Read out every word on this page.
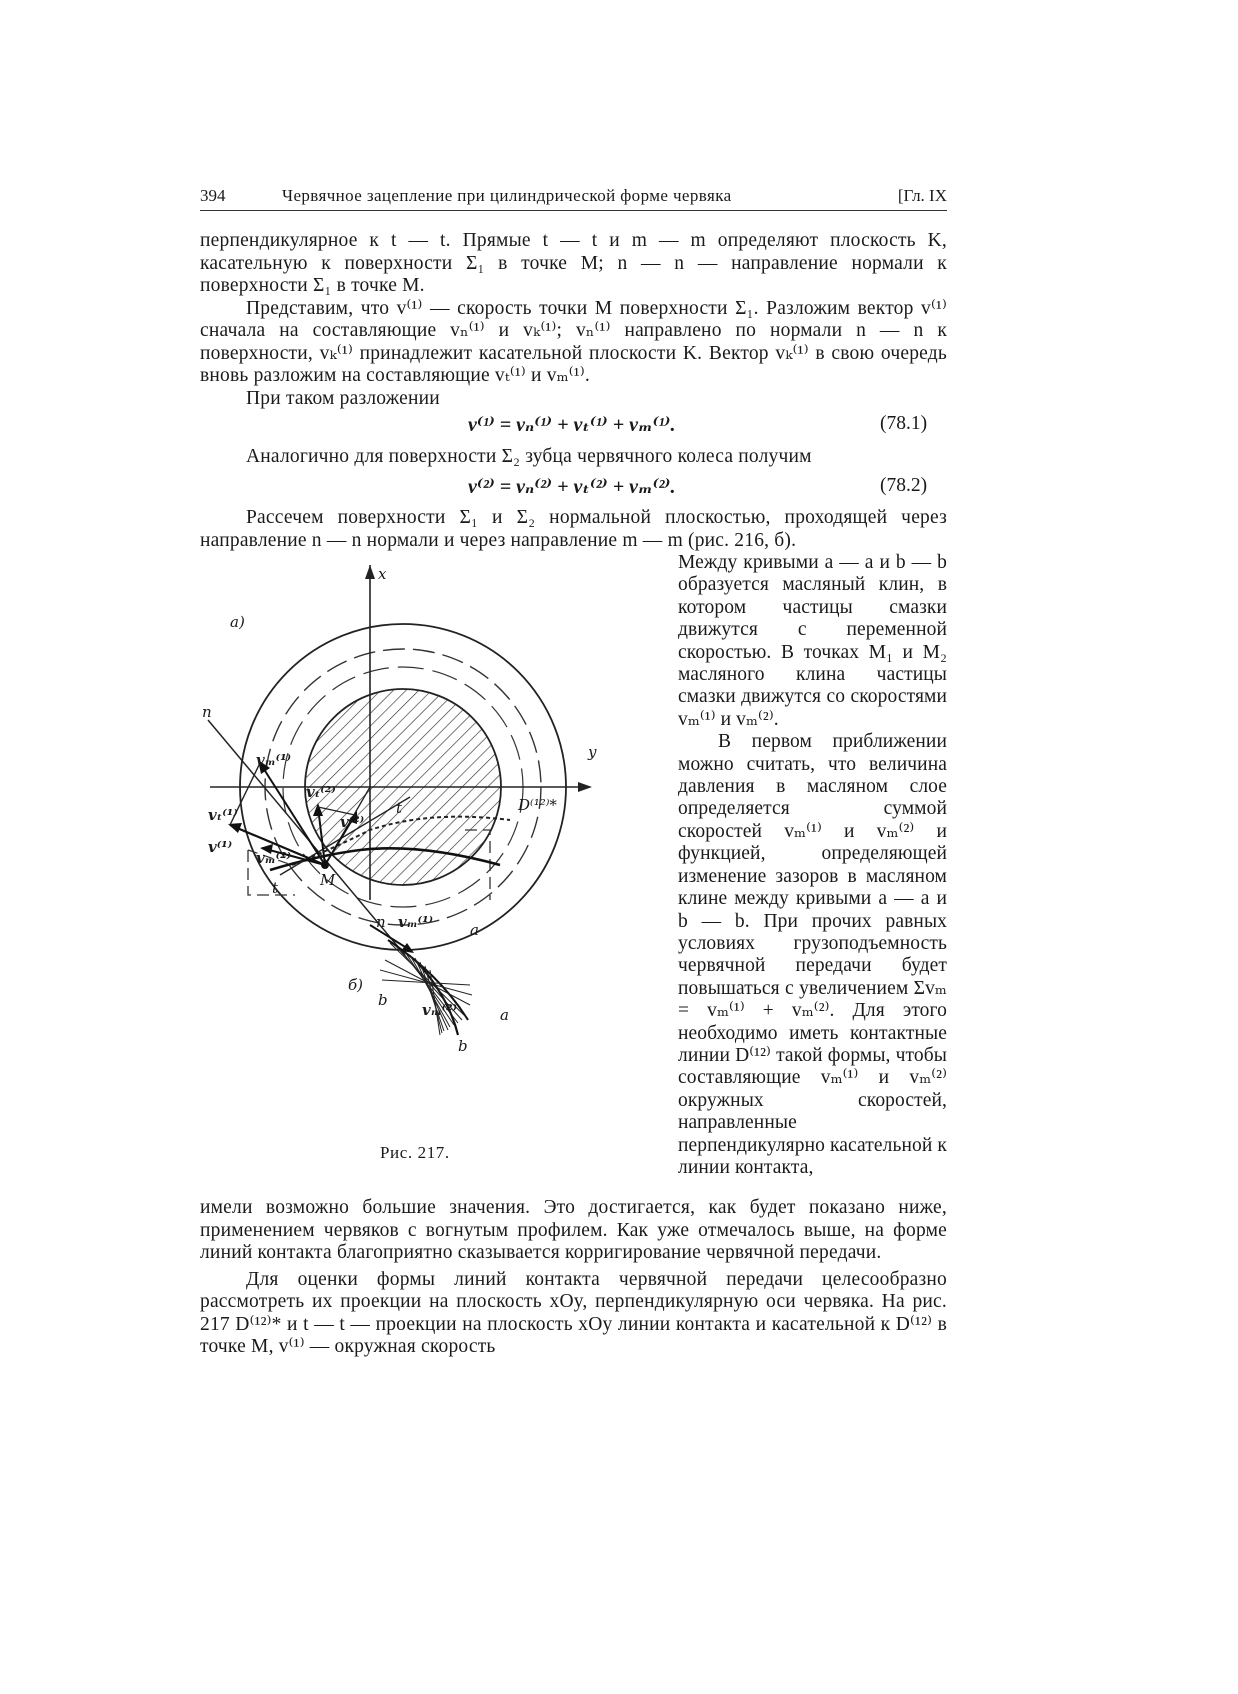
394	Червячное зацепление при цилиндрической форме червяка	[Гл. IX

перпендикулярное к t — t. Прямые t — t и m — m определяют плоскость K, касательную к поверхности Σ₁ в точке M; n — n — направление нормали к поверхности Σ₁ в точке M.

Представим, что v⁽¹⁾ — скорость точки M поверхности Σ₁. Разложим вектор v⁽¹⁾ сначала на составляющие vₙ⁽¹⁾ и vₖ⁽¹⁾; vₙ⁽¹⁾ направлено по нормали n — n к поверхности, vₖ⁽¹⁾ принадлежит касательной плоскости K. Вектор vₖ⁽¹⁾ в свою очередь вновь разложим на составляющие vₜ⁽¹⁾ и vₘ⁽¹⁾.

При таком разложении

v⁽¹⁾ = vₙ⁽¹⁾ + vₜ⁽¹⁾ + vₘ⁽¹⁾.	(78.1)
Аналогично для поверхности Σ₂ зубца червячного колеса получим
v⁽²⁾ = vₙ⁽²⁾ + vₜ⁽²⁾ + vₘ⁽²⁾.	(78.2)
Рассечем поверхности Σ₁ и Σ₂ нормальной плоскостью, проходящей через направление n — n нормали и через направление m — m (рис. 216, б).

Между кривыми a — a и b — b образуется масляный клин, в котором частицы смазки движутся с переменной скоростью. В точках M₁ и M₂ масляного клина частицы смазки движутся со скоростями vₘ⁽¹⁾ и vₘ⁽²⁾.

В первом приближении можно считать, что величина давления в масляном слое определяется суммой скоростей vₘ⁽¹⁾ и vₘ⁽²⁾ и функцией, определяющей изменение зазоров в масляном клине между кривыми a — a и b — b. При прочих равных условиях грузоподъемность червячной передачи будет повышаться с увеличением Σvₘ = vₘ⁽¹⁾ + vₘ⁽²⁾. Для этого необходимо иметь контактные линии D⁽¹²⁾ такой формы, чтобы составляющие vₘ⁽¹⁾ и vₘ⁽²⁾ окружных скоростей, направленные перпендикулярно касательной к линии контакта,

x
y
а)
б)
n
n
t
t	M
D⁽¹²⁾*
vₜ⁽¹⁾
v⁽¹⁾
vₘ⁽¹⁾
vₜ⁽²⁾
v⁽²⁾
vₘ⁽²⁾
vₘ⁽¹⁾
vₘ⁽²⁾
a
a
b
b
Рис. 217.

имели возможно большие значения. Это достигается, как будет показано ниже, применением червяков с вогнутым профилем. Как уже отмечалось выше, на форме линий контакта благоприятно сказывается корригирование червячной передачи.

Для оценки формы линий контакта червячной передачи целесообразно рассмотреть их проекции на плоскость xOy, перпендикулярную оси червяка. На рис. 217 D⁽¹²⁾* и t — t — проекции на плоскость xOy линии контакта и касательной к D⁽¹²⁾ в точке M, v⁽¹⁾ — окружная скорость
